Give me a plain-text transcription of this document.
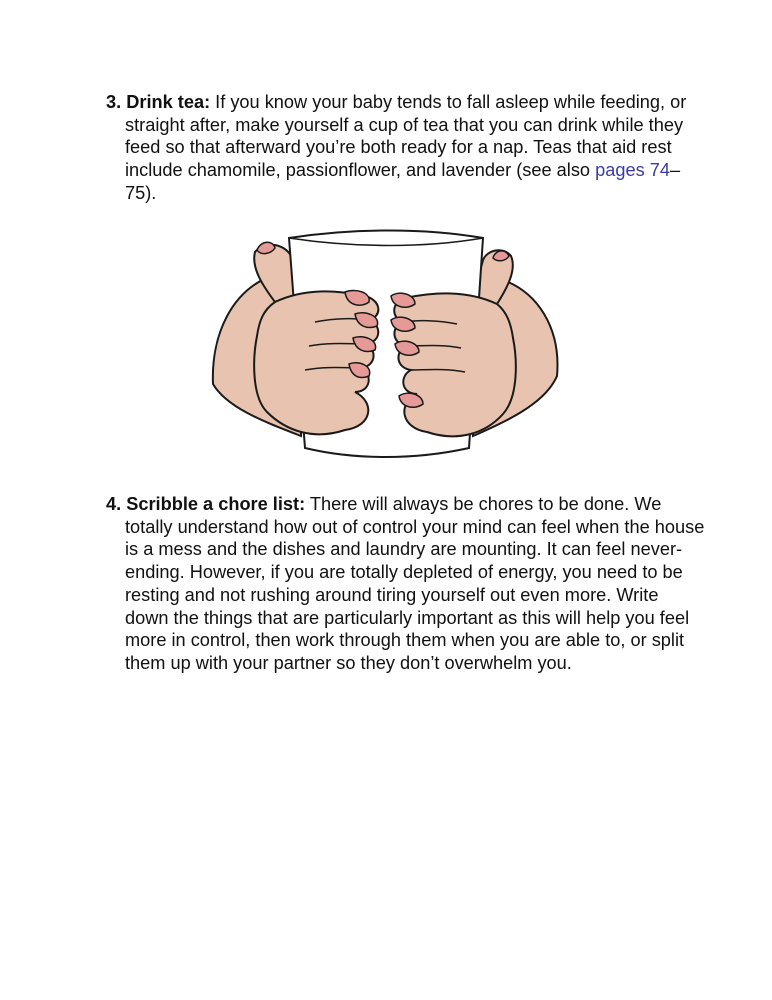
3. Drink tea: If you know your baby tends to fall asleep while feeding, or straight after, make yourself a cup of tea that you can drink while they feed so that afterward you’re both ready for a nap. Teas that aid rest include chamomile, passionflower, and lavender (see also pages 74–75).

4. Scribble a chore list: There will always be chores to be done. We totally understand how out of control your mind can feel when the house is a mess and the dishes and laundry are mounting. It can feel never-ending. However, if you are totally depleted of energy, you need to be resting and not rushing around tiring yourself out even more. Write down the things that are particularly important as this will help you feel more in control, then work through them when you are able to, or split them up with your partner so they don’t overwhelm you.
